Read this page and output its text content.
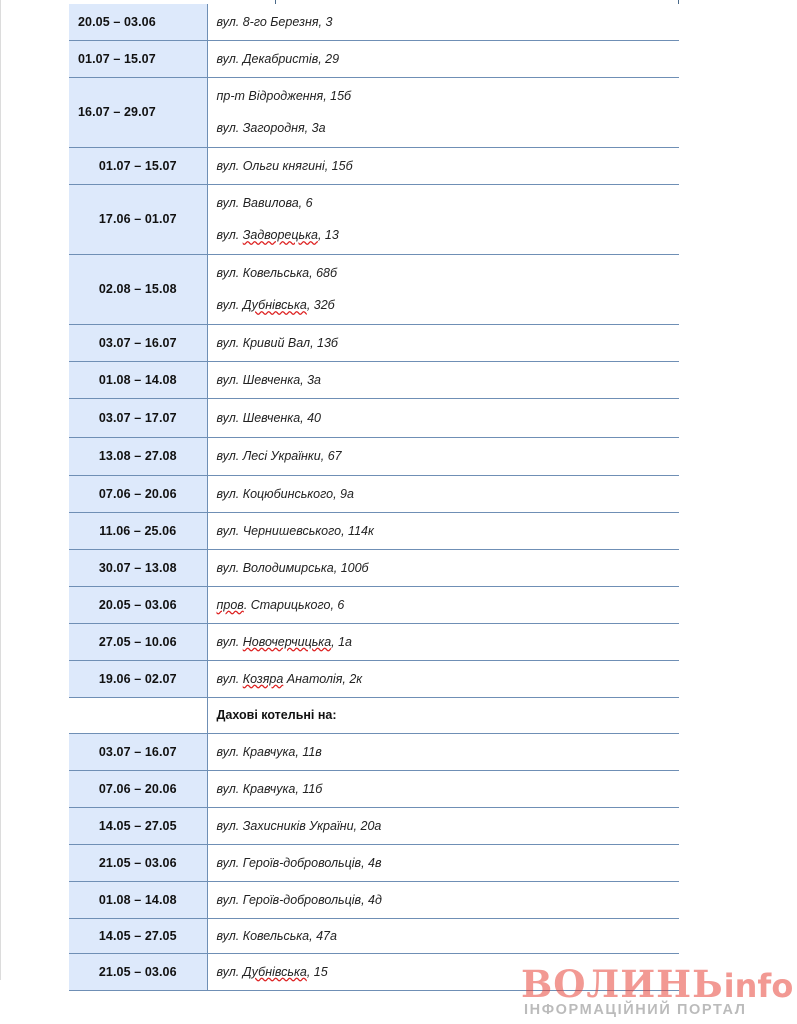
20.05 – 03.06	вул. 8-го Березня, 3

01.07 – 15.07	вул. Декабристів, 29

16.07 – 29.07	пр-т Відродження, 15б
вул. Загородня, 3а

01.07 – 15.07	вул. Ольги княгині, 15б

17.06 – 01.07	вул. Вавилова, 6
вул. Задворецька, 13

02.08 – 15.08	вул. Ковельська, 68б
вул. Дубнівська, 32б

03.07 – 16.07	вул. Кривий Вал, 13б

01.08 – 14.08	вул. Шевченка, 3а

03.07 – 17.07	вул. Шевченка, 40

13.08 – 27.08	вул. Лесі Українки, 67

07.06 – 20.06	вул. Коцюбинського, 9а

11.06 – 25.06	вул. Чернишевського, 114к

30.07 – 13.08	вул. Володимирська, 100б

20.05 – 03.06	пров. Старицького, 6

27.05 – 10.06	вул. Новочерчицька, 1а

19.06 – 02.07	вул. Козяра Анатолія, 2к

	Дахові котельні на:
03.07 – 16.07	вул. Кравчука, 11в

07.06 – 20.06	вул. Кравчука, 11б

14.05 – 27.05	вул. Захисників України, 20а

21.05 – 03.06	вул. Героїв-добровольців, 4в

01.08 – 14.08	вул. Героїв-добровольців, 4д

14.05 – 27.05	вул. Ковельська, 47а

21.05 – 03.06	вул. Дубнівська, 15	ВОЛИНЬinfo
ІНФОРМАЦІЙНИЙ ПОРТАЛ
